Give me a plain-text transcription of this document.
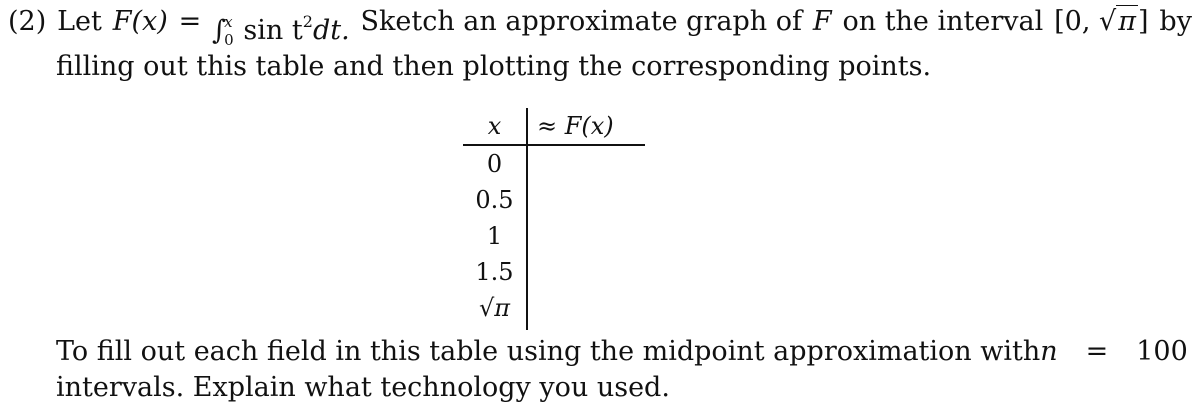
(2) Let F(x) = ∫
x
0 $\sin t^2dt$. Sketch an approximate graph of F on the interval [0, √π] by
filling out this table and then plotting the corresponding points.
x
0
0.5
1
1.5
√π
≈ F(x)
To fill out each field in this table using the midpoint approximation with n = 100
intervals. Explain what technology you used.
